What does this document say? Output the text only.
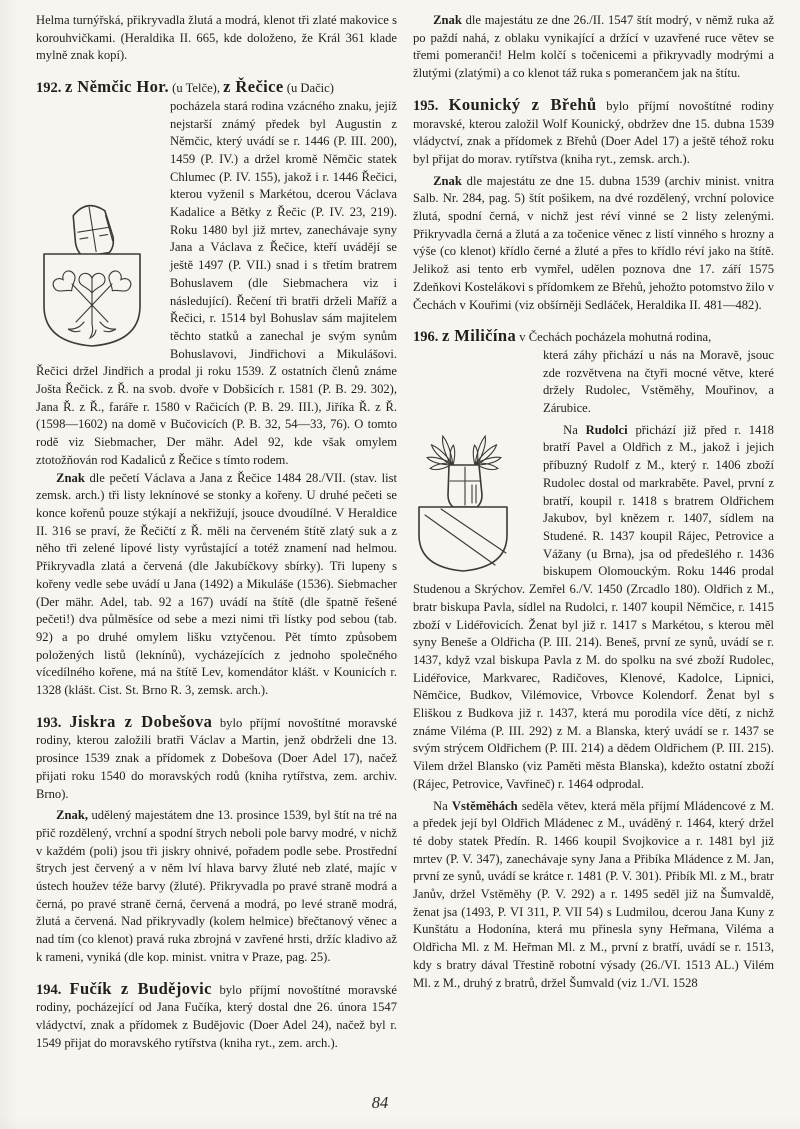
Helma turnýřská, přikryvadla žlutá a modrá, klenot tři zlaté makovice s korouhvičkami. (Heraldika II. 665, kde doloženo, že Král 361 klade mylně znak kopí).

192. z Němčic Hor. (u Telče), z Řečice (u Dačic)

pocházela stará rodina vzácného znaku, jejíž nejstarší známý předek byl Augustin z Němčic, který uvádí se r. 1446 (P. III. 200), 1459 (P. IV.) a držel kromě Němčic statek Chlumec (P. IV. 155), jakož i r. 1446 Řečici, kterou vyženil s Markétou, dcerou Václava Kadalice a Bětky z Řečic (P. IV. 23, 219). Roku 1480 byl již mrtev, zanechávaje syny Jana a Václava z Řečice, kteří uvádějí se ještě 1497 (P. VII.) snad i s třetím bratrem Bohuslavem (dle Siebmachera viz i následující). Řečení tři bratři drželi Maříž a Řečici, r. 1514 byl Bohuslav sám majitelem těchto statků a zanechal je svým synům Bohuslavovi, Jindřichovi a Mikulášovi. Řečici držel Jindřich a prodal ji roku 1539. Z ostatních členů známe Jošta Řečick. z Ř. na svob. dvoře v Dobšicích r. 1581 (P. B. 29. 302), Jana Ř. z Ř., faráře r. 1580 v Račicích (P. B. 29. III.), Jiříka Ř. z Ř. (1598—1602) na domě v Bučovicích (P. B. 32, 54—33, 76). O tomto rodě viz Siebmacher, Der mähr. Adel 92, kde však omylem ztotožňován rod Kadaliců z Řečice s tímto rodem.

Znak dle pečetí Václava a Jana z Řečice 1484 28./VII. (stav. list zemsk. arch.) tři listy leknínové se stonky a kořeny. U druhé pečeti se konce kořenů pouze stýkají a nekřižují, jsouce dvoudílné. V Heraldice II. 316 se praví, že Řečičtí z Ř. měli na červeném štítě zlatý suk a z něho tři zelené lipové listy vyrůstající a totéž znamení nad helmou. Přikryvadla zlatá a červená (dle Jakubíčkovy sbírky). Tři lupeny s kořeny vedle sebe uvádí u Jana (1492) a Mikuláše (1536). Siebmacher (Der mähr. Adel, tab. 92 a 167) uvádí na štítě (dle špatně řešené pečeti!) dva půlměsíce od sebe a mezi nimi tři lístky pod sebou (tab. 92) a po druhé omylem lišku vztyčenou. Pět tímto způsobem položených listů (leknínů), vycházejících z jednoho společného vícedílného kořene, má na štítě Lev, komendátor klášt. v Kounicích r. 1328 (klášt. Cist. St. Brno R. 3, zemsk. arch.).

193. Jiskra z Dobešova bylo příjmí novoštítné moravské rodiny, kterou založili bratři Václav a Martin, jenž obdrželi dne 13. prosince 1539 znak a přídomek z Dobešova (Doer Adel 17), načež přijati roku 1540 do moravských rodů (kniha rytířstva, zem. archiv. Brno).

Znak, udělený majestátem dne 13. prosince 1539, byl štít na tré na přič rozdělený, vrchní a spodní štrych neboli pole barvy modré, v nichž v každém (poli) jsou tři jiskry ohnivé, pořadem podle sebe. Prostřední štrych jest červený a v něm lví hlava barvy žluté neb zlaté, majíc v ústech houžev téže barvy (žluté). Přikryvadla po pravé straně modrá a černá, po pravé straně černá, červená a modrá, po levé straně modrá, žlutá a červená. Nad přikryvadly (kolem helmice) břečtanový věnec a nad tím (co klenot) pravá ruka zbrojná v zavřené hrsti, držíc kladivo až k rameni, vyniká (dle kop. minist. vnitra v Praze, pag. 25).

194. Fučík z Budějovic bylo příjmí novoštítné moravské rodiny, pocházející od Jana Fučíka, který dostal dne 26. února 1547 vládyctví, znak a přídomek z Budějovic (Doer Adel 24), načež byl r. 1549 přijat do moravského rytířstva (kniha ryt., zem. arch.).

Znak dle majestátu ze dne 26./II. 1547 štít modrý, v němž ruka až po paždí nahá, z oblaku vynikající a držící v uzavřené ruce větev se třemi pomeranči! Helm kolčí s točenicemi a přikryvadly modrými a žlutými (zlatými) a co klenot táž ruka s pomerančem jak na štítu.

195. Kounický z Břehů bylo příjmí novoštítné rodiny moravské, kterou založil Wolf Kounický, obdržev dne 15. dubna 1539 vládyctví, znak a přídomek z Břehů (Doer Adel 17) a ještě téhož roku byl přijat do morav. rytířstva (kniha ryt., zemsk. arch.).

Znak dle majestátu ze dne 15. dubna 1539 (archiv minist. vnitra Salb. Nr. 284, pag. 5) štít pošikem, na dvé rozdělený, vrchní polovice žlutá, spodní černá, v nichž jest réví vinné se 2 listy zelenými. Přikryvadla černá a žlutá a za točenice věnec z listí vinného s hrozny a výše (co klenot) křídlo černé a žluté a přes to křídlo réví jako na štítě. Jelikož asi tento erb vymřel, udělen poznova dne 17. září 1575 Zdeňkovi Kostelákovi s přídomkem ze Břehů, jehožto potomstvo žilo v Čechách v Kouřimi (viz obšírněji Sedláček, Heraldika II. 481—482).

196. z Miličína v Čechách pocházela mohutná rodina,

která záhy přichází u nás na Moravě, jsouc zde rozvětvena na čtyři mocné větve, které držely Rudolec, Vstěměhy, Mouřinov, a Zárubice.

Na Rudolci přichází již před r. 1418 bratří Pavel a Oldřich z M., jakož i jejich příbuzný Rudolf z M., který r. 1406 zboží Rudolec dostal od markraběte. Pavel, první z bratří, koupil r. 1418 s bratrem Oldřichem Jakubov, byl knězem r. 1407, sídlem na Studené. R. 1437 koupil Rájec, Petrovice a Vážany (u Brna), jsa od předešlého r. 1436 biskupem Olomouckým. Roku 1446 prodal Studenou a Skrýchov. Zemřel 6./V. 1450 (Zrcadlo 180). Oldřich z M., bratr biskupa Pavla, sídlel na Rudolci, r. 1407 koupil Němčice, r. 1415 zboží v Lidéřovicích. Ženat byl již r. 1417 s Markétou, s kterou měl syny Beneše a Oldřicha (P. III. 214). Beneš, první ze synů, uvádí se r. 1437, když vzal biskupa Pavla z M. do spolku na své zboží Rudolec, Lidéřovice, Markvarec, Radičoves, Klenové, Kadolce, Lipnici, Němčice, Budkov, Vilémovice, Vrbovce Kolendorf. Ženat byl s Eliškou z Budkova již r. 1437, která mu porodila více dětí, z nichž známe Viléma (P. III. 292) z M. a Blanska, který uvádí se r. 1437 se svým strýcem Oldřichem (P. III. 214) a dědem Oldřichem (P. III. 215). Vilem držel Blansko (viz Paměti města Blanska), kdežto ostatní zboží (Rájec, Petrovice, Vavřineč) r. 1464 odprodal.

Na Vstěměhách seděla větev, která měla příjmí Mládencové z M. a předek její byl Oldřich Mládenec z M., uváděný r. 1464, který držel té doby statek Předín. R. 1466 koupil Svojkovice a r. 1481 byl již mrtev (P. V. 347), zanechávaje syny Jana a Přibíka Mládence z M. Jan, první ze synů, uvádí se krátce r. 1481 (P. V. 301). Přibík Ml. z M., bratr Janův, držel Vstěměhy (P. V. 292) a r. 1495 seděl již na Šumvaldě, ženat jsa (1493, P. VI 311, P. VII 54) s Ludmilou, dcerou Jana Kuny z Kunštátu a Hodonína, která mu přinesla syny Heřmana, Viléma a Oldřicha Ml. z M. Heřman Ml. z M., první z bratří, uvádí se r. 1513, kdy s bratry dával Třestině robotní výsady (26./VI. 1513 AL.) Vilém Ml. z M., druhý z bratrů, držel Šumvald (viz 1./VI. 1528

84
